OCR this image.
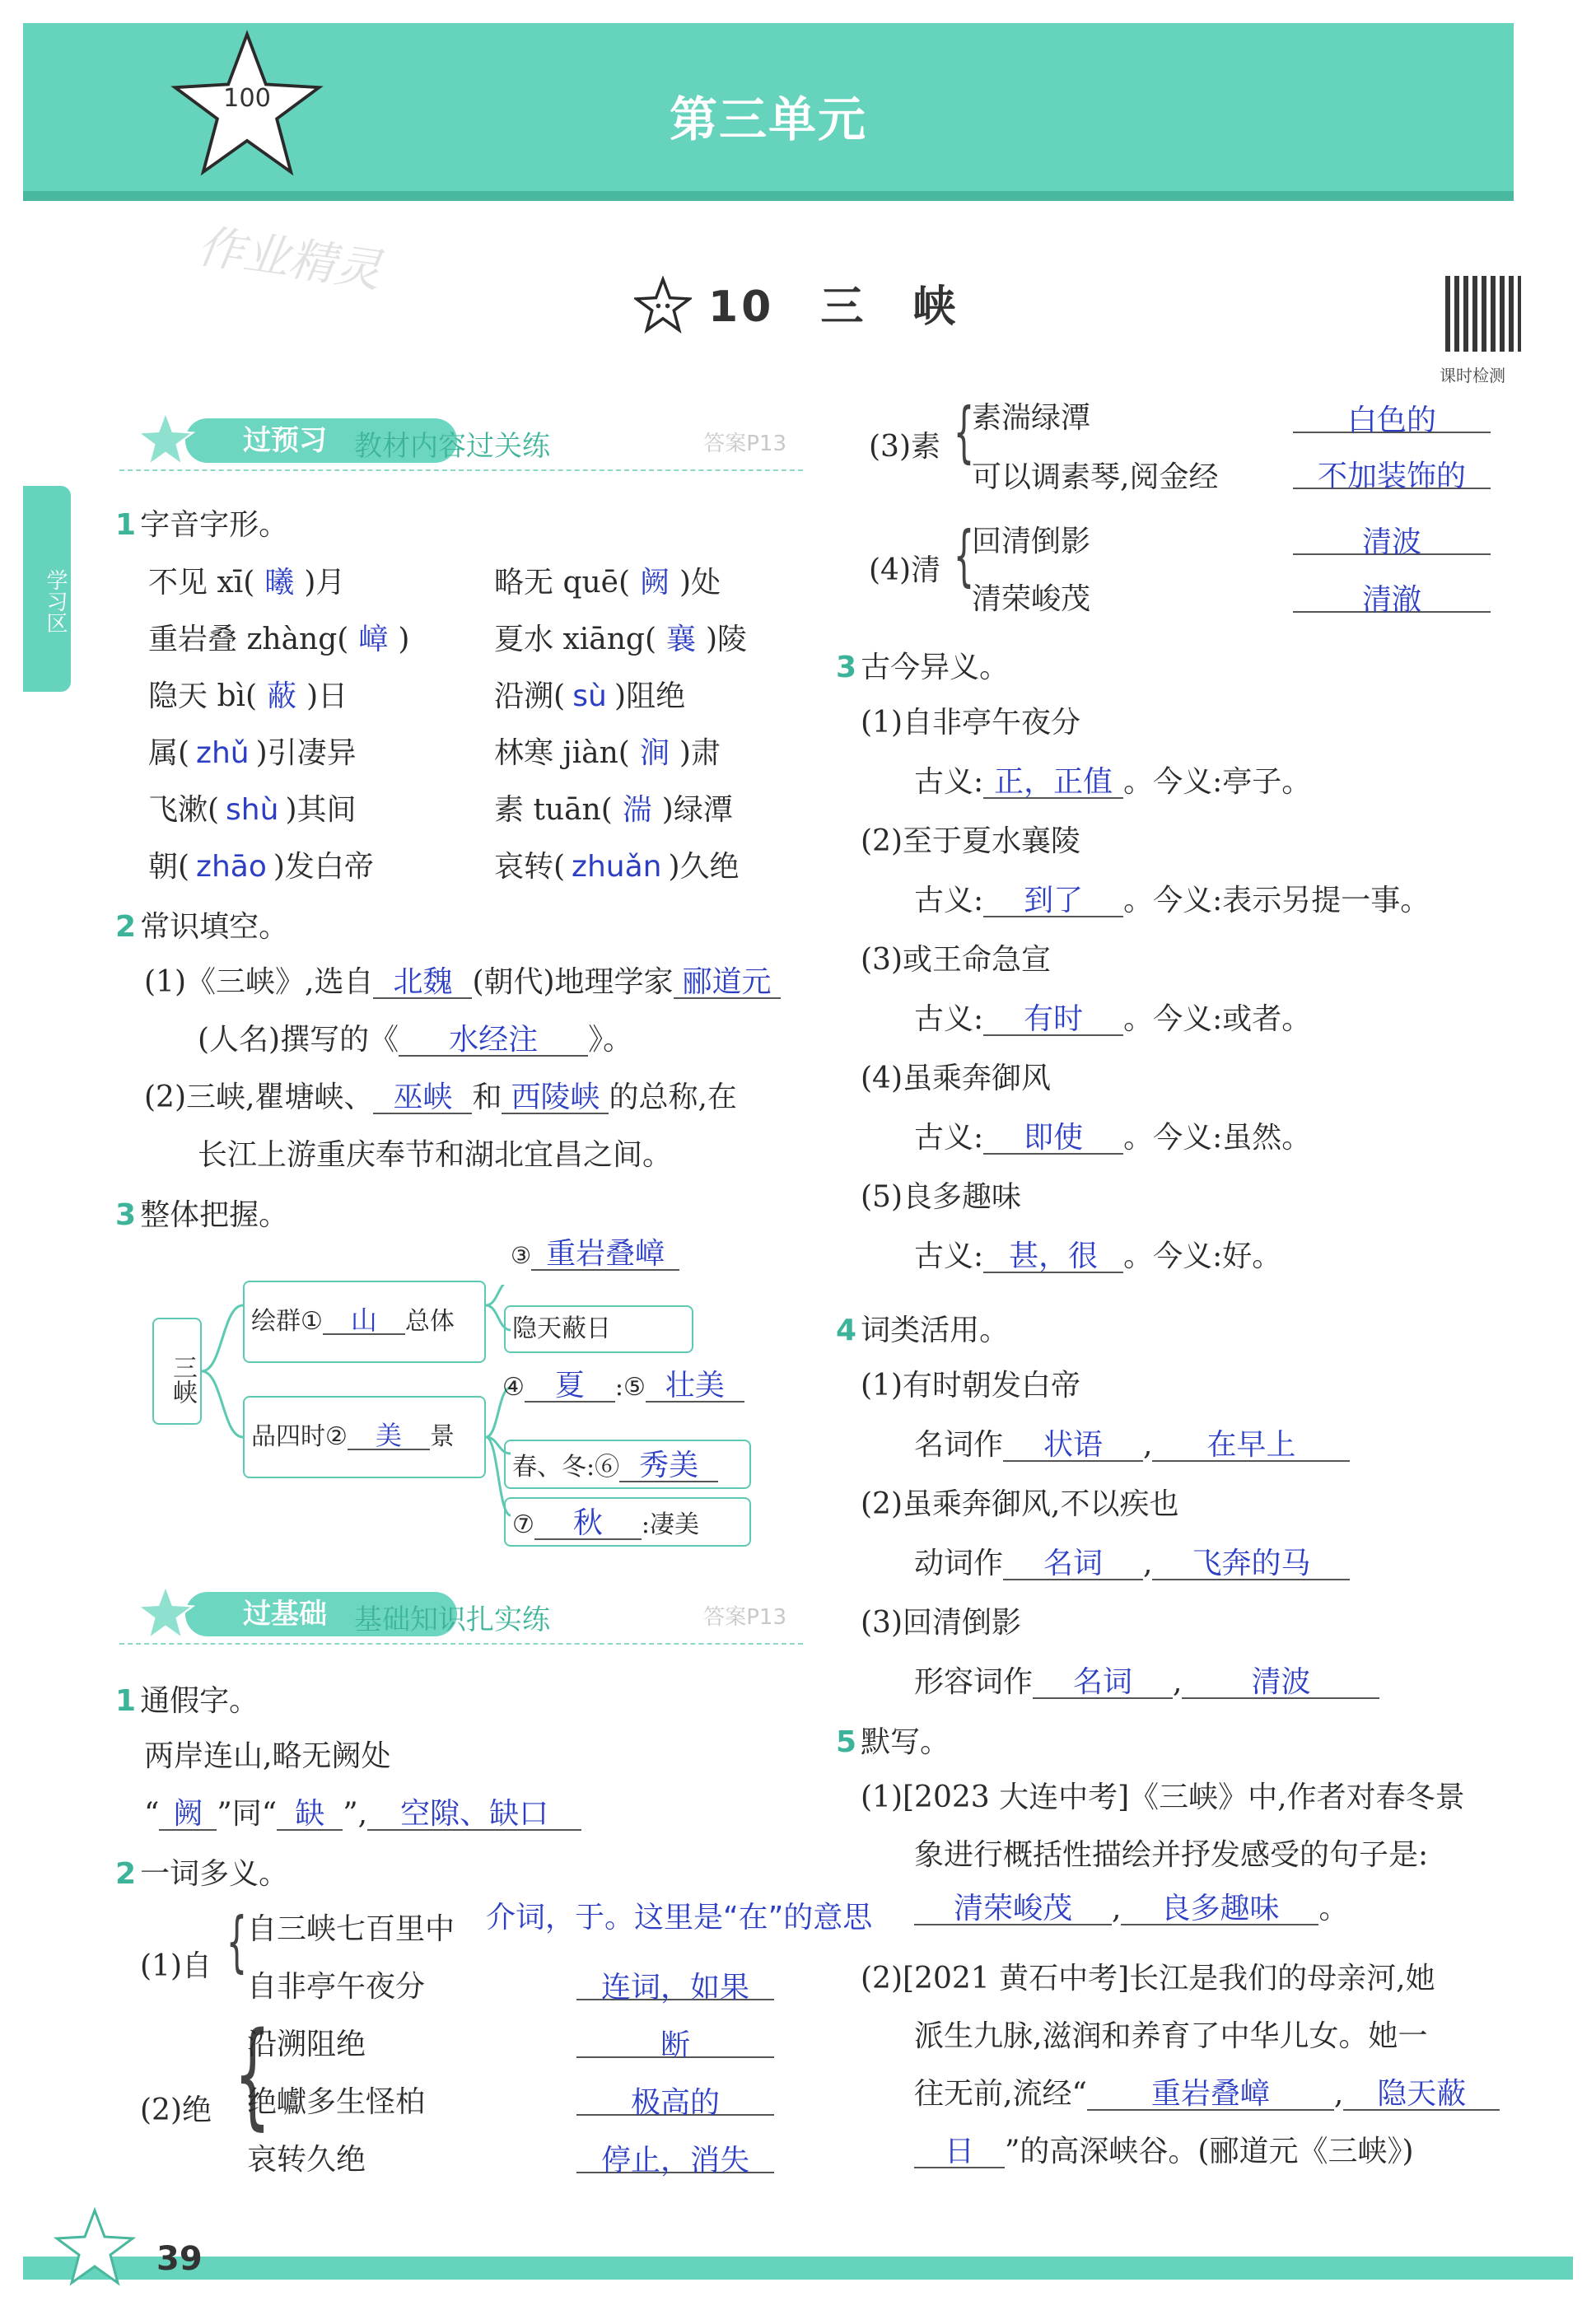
第三单元
100
作业精灵
10　 三　峡
课时检测
学习区
过预习 教材内容过关练	答案P13
1 字音字形。
不见 xī( 曦 )月	略无 quē( 阙 )处
重岩叠 zhàng( 嶂 )	夏水 xiāng( 襄 )陵
隐天 bì( 蔽 )日	沿溯( sù )阻绝
属( zhǔ )引凄异	林寒 jiàn( 涧 )肃
飞漱( shù )其间	素 tuān( 湍 )绿潭
朝( zhāo )发白帝	哀转( zhuǎn )久绝
2 常识填空。
(1)《三峡》,选自 北魏 (朝代)地理学家 郦道元
(人名)撰写的《 水经注 》。
(2)三峡,瞿塘峡、 巫峡 和 西陵峡 的总称,在
长江上游重庆奉节和湖北宜昌之间。
3 整体把握。
三峡
绘群① 山 总体
③ 重岩叠嶂
隐天蔽日
品四时② 美 景
④ 夏 :⑤ 壮美
春、冬:⑥ 秀美
⑦ 秋 :凄美
过基础 基础知识扎实练	答案P13
1 通假字。
两岸连山,略无阙处
“ 阙 ”同“ 缺 ”, 空隙、缺口
2 一词多义。
(1)自 { 自三峡七百里中 介词，于。这里是“在”的意思
自非亭午夜分	连词，如果
(2)绝 {
沿溯阻绝	断
绝巘多生怪柏	极高的
哀转久绝	停止，消失
(3)素 {
素湍绿潭	白色的
可以调素琴,阅金经	不加装饰的
(4)清 {
回清倒影	清波
清荣峻茂	清澈
3 古今异义。
(1)自非亭午夜分
古义: 正，正值 。今义:亭子。
(2)至于夏水襄陵
古义: 到了 。今义:表示另提一事。
(3)或王命急宣
古义: 有时 。今义:或者。
(4)虽乘奔御风
古义: 即使 。今义:虽然。
(5)良多趣味
古义: 甚，很 。今义:好。
4 词类活用。
(1)有时朝发白帝
名词作 状语 , 在早上
(2)虽乘奔御风,不以疾也
动词作 名词 , 飞奔的马
(3)回清倒影
形容词作 名词 , 清波
5 默写。
(1)[2023 大连中考]《三峡》中,作者对春冬景
象进行概括性描绘并抒发感受的句子是:
清荣峻茂 , 良多趣味 。
(2)[2021 黄石中考]长江是我们的母亲河,她
派生九脉,滋润和养育了中华儿女。她一
往无前,流经“ 重岩叠嶂 , 隐天蔽
日 ”的高深峡谷。(郦道元《三峡》)
39
